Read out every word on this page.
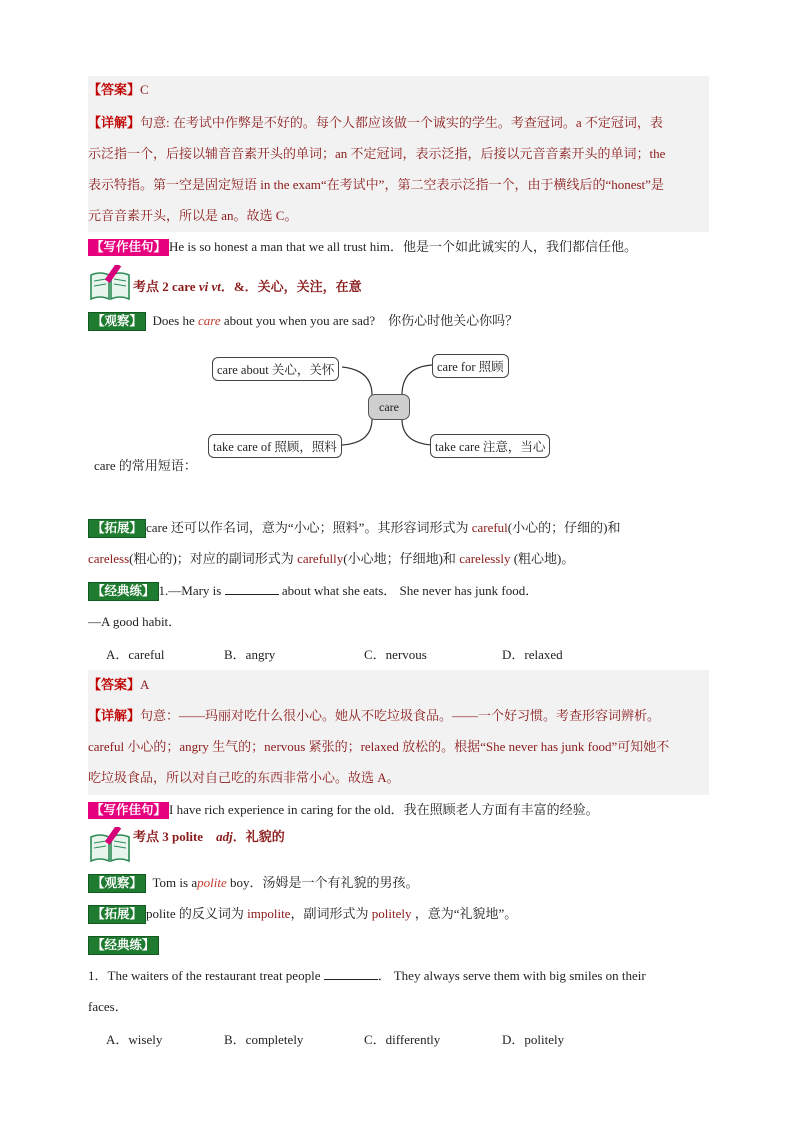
【答案】C
【详解】句意: 在考试中作弊是不好的。每个人都应该做一个诚实的学生。考查冠词。a 不定冠词，表
示泛指一个，后接以辅音音素开头的单词；an 不定冠词，表示泛指，后接以元音音素开头的单词；the
表示特指。第一空是固定短语 in the exam“在考试中”，第二空表示泛指一个，由于横线后的“honest”是
元音音素开头，所以是 an。故选 C。
【写作佳句】 He is so honest a man that we all trust him．他是一个如此诚实的人，我们都信任他。
考点 2 care vi vt．&．关心，关注，在意
【观察】 Does he care about you when you are sad?　你伤心时他关心你吗？
care about 关心，关怀	care for 照顾
care
take care of 照顾，照料	take care 注意，当心
care 的常用短语：
【拓展】 care 还可以作名词，意为“小心；照料”。其形容词形式为 careful(小心的；仔细的)和
careless(粗心的)；对应的副词形式为 carefully(小心地；仔细地)和 carelessly (粗心地)。
【经典练】 1.—Mary is	about what she eats． She never has junk food．
—A good habit．
A．careful	B．angry	C．nervous	D．relaxed
【答案】A
【详解】句意：——玛丽对吃什么很小心。她从不吃垃圾食品。——一个好习惯。考查形容词辨析。
careful 小心的；angry 生气的；nervous 紧张的；relaxed 放松的。根据“She never has junk food”可知她不
吃垃圾食品，所以对自己吃的东西非常小心。故选 A。
【写作佳句】 I have rich experience in caring for the old．我在照顾老人方面有丰富的经验。
考点 3 polite　adj．礼貌的
【观察】 Tom is apolite boy．汤姆是一个有礼貌的男孩。
【拓展】 polite 的反义词为 impolite，副词形式为 politely ，意为“礼貌地”。
【经典练】
1．The waiters of the restaurant treat people	． They always serve them with big smiles on their
faces．
A．wisely	B．completely	C．differently	D．politely
